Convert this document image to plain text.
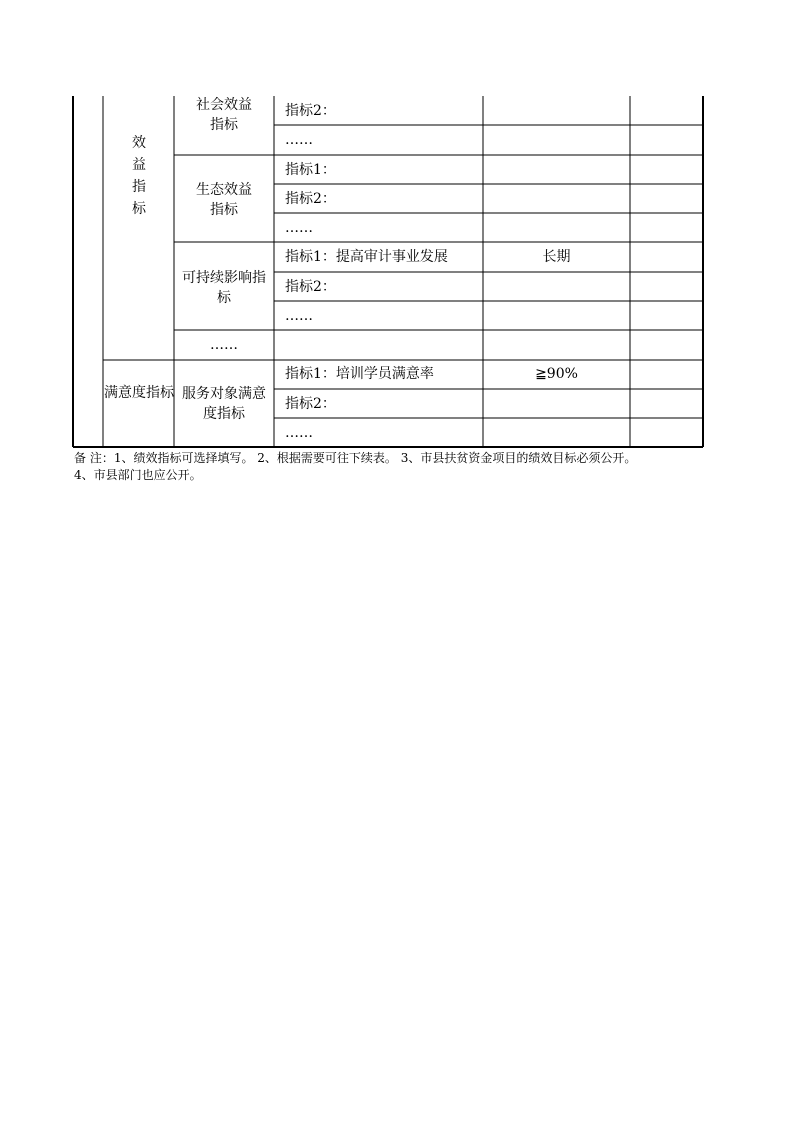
效
益
指
标
满意度指标
社会效益指标
生态效益指标
可持续影响指标
……
服务对象满意度指标
指标2：
……
指标1：
指标2：
……
指标1：提高审计事业发展
指标2：
……
指标1：培训学员满意率
指标2：
……
长期
≧90%
备 注：1、绩效指标可选择填写。 2、根据需要可往下续表。 3、市县扶贫资金项目的绩效目标必须公开。
4、市县部门也应公开。
